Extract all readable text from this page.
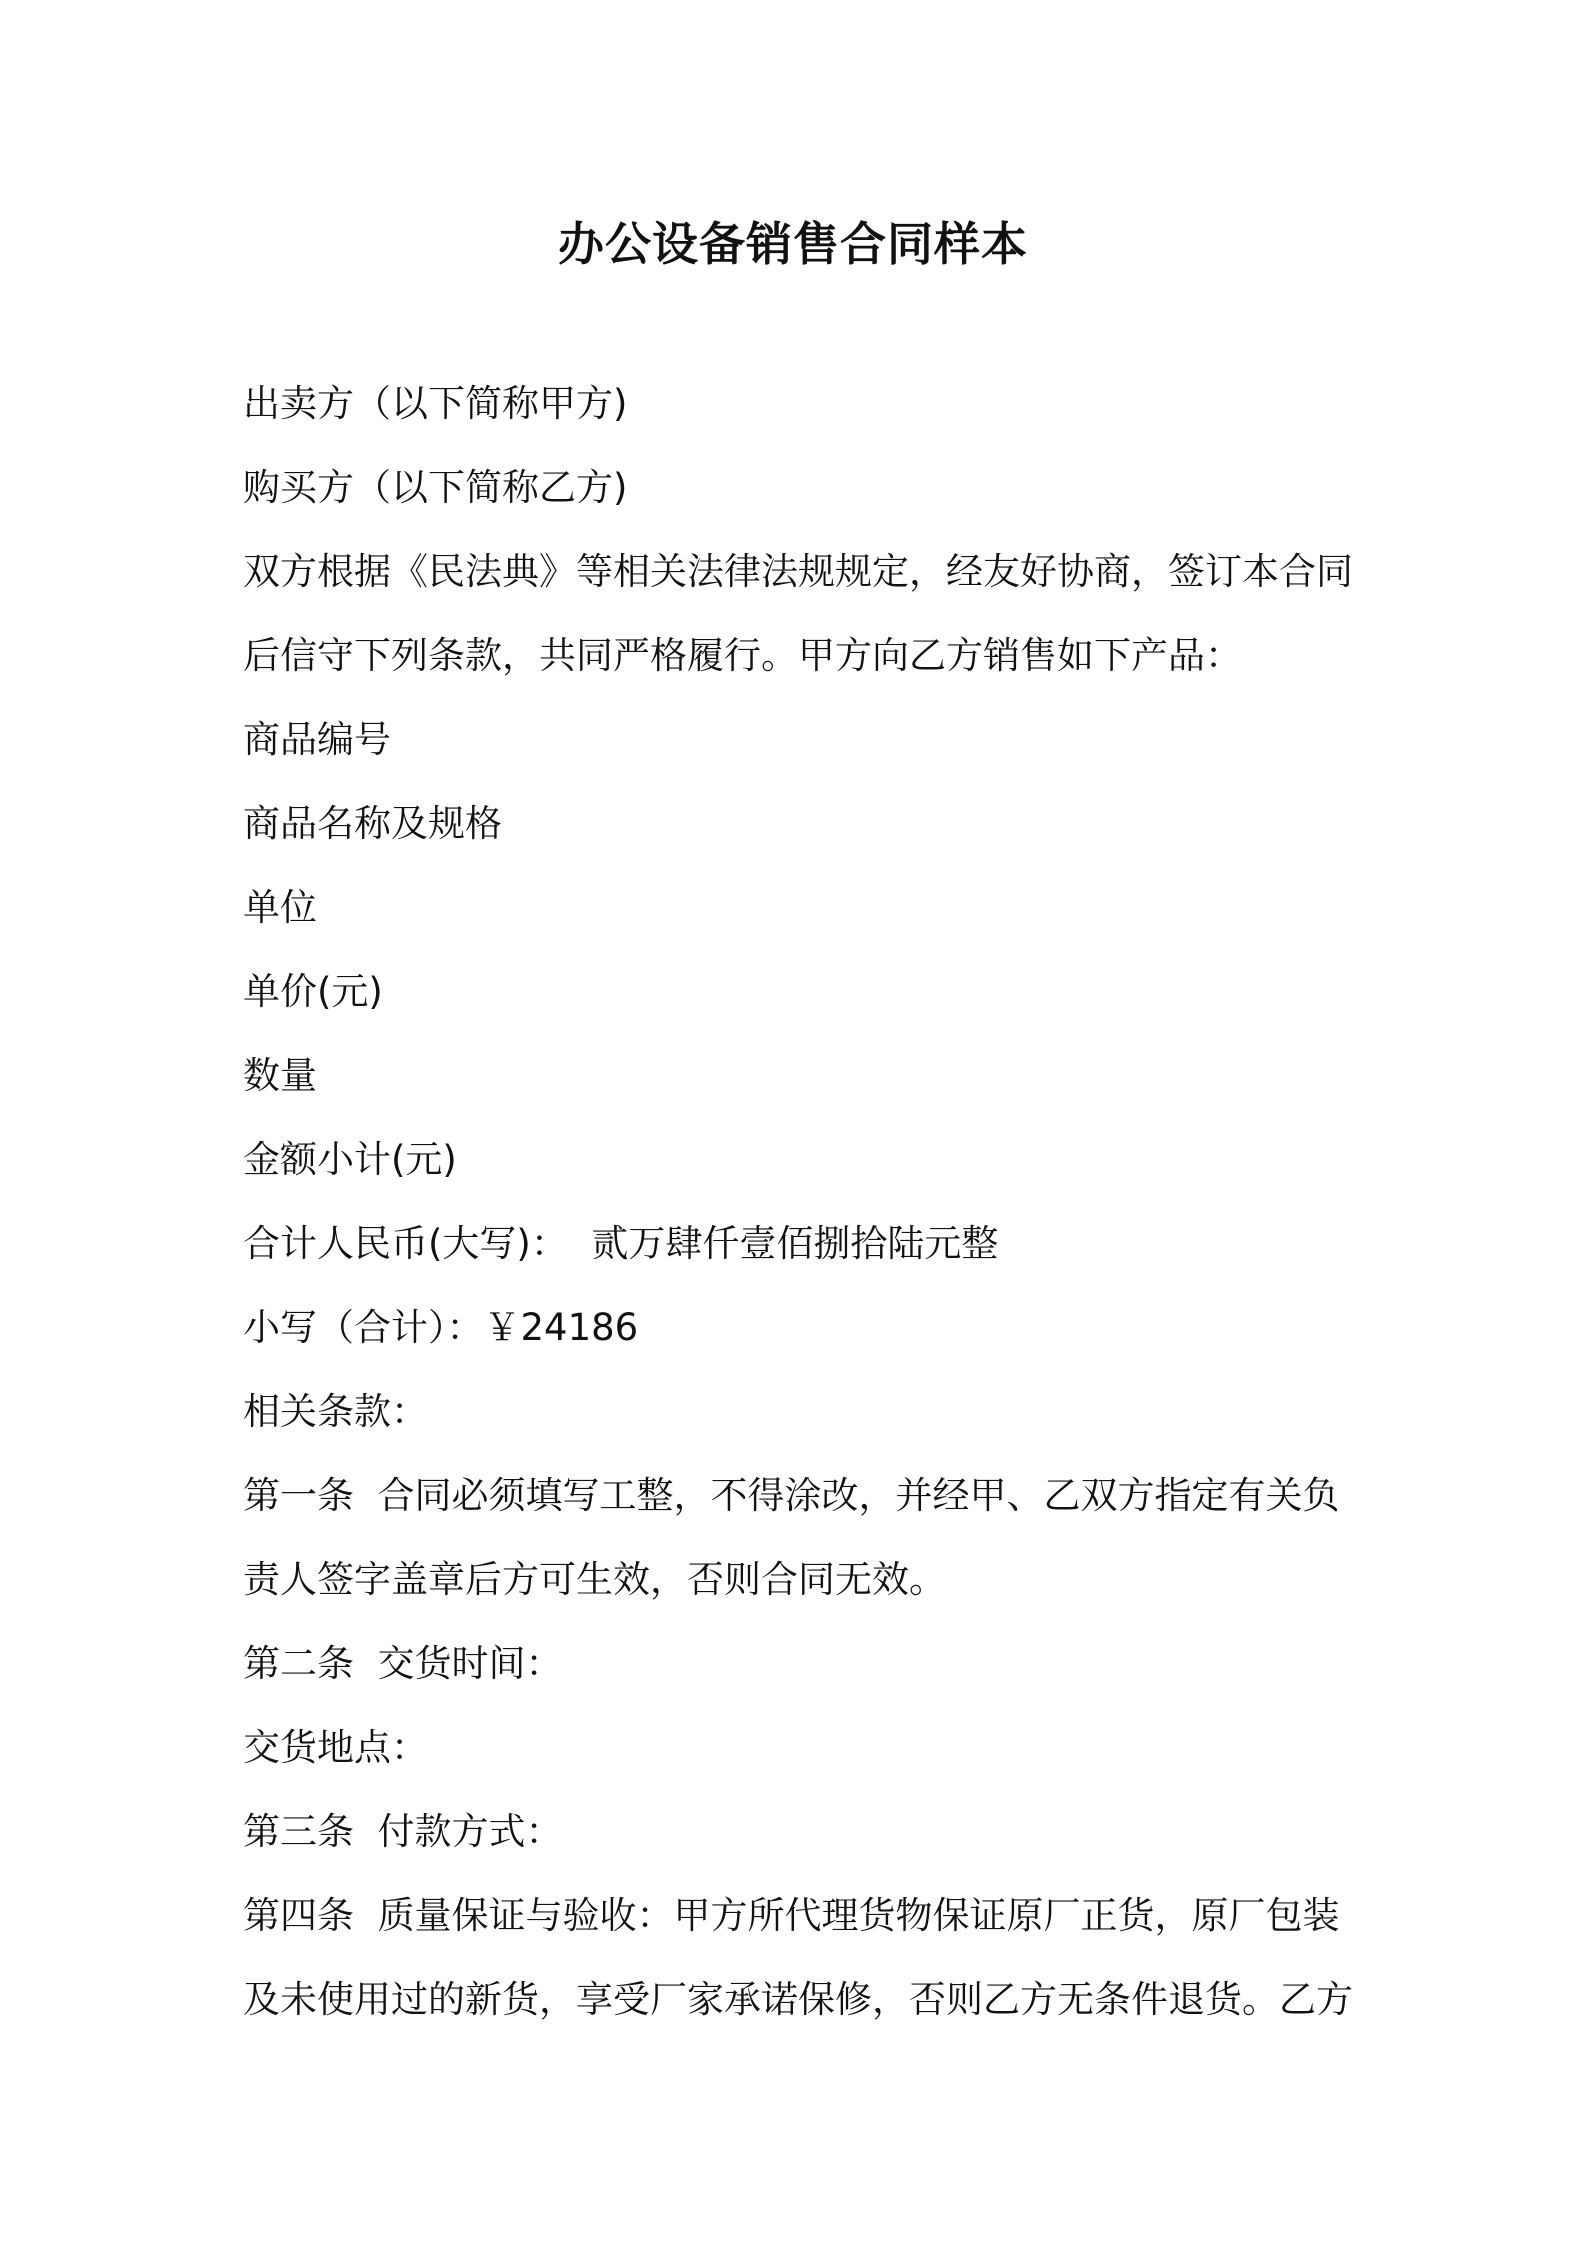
办公设备销售合同样本

出卖方（以下简称甲方)

购买方（以下简称乙方)

双方根据《民法典》等相关法律法规规定，经友好协商，签订本合同

后信守下列条款，共同严格履行。甲方向乙方销售如下产品：

商品编号

商品名称及规格

单位

单价(元)

数量

金额小计(元)

合计人民币(大写)：  贰万肆仟壹佰捌拾陆元整

小写（合计）：￥24186

相关条款：

第一条  合同必须填写工整，不得涂改，并经甲、乙双方指定有关负

责人签字盖章后方可生效，否则合同无效。

第二条  交货时间：

交货地点：

第三条  付款方式：

第四条  质量保证与验收：甲方所代理货物保证原厂正货，原厂包装

及未使用过的新货，享受厂家承诺保修，否则乙方无条件退货。乙方
